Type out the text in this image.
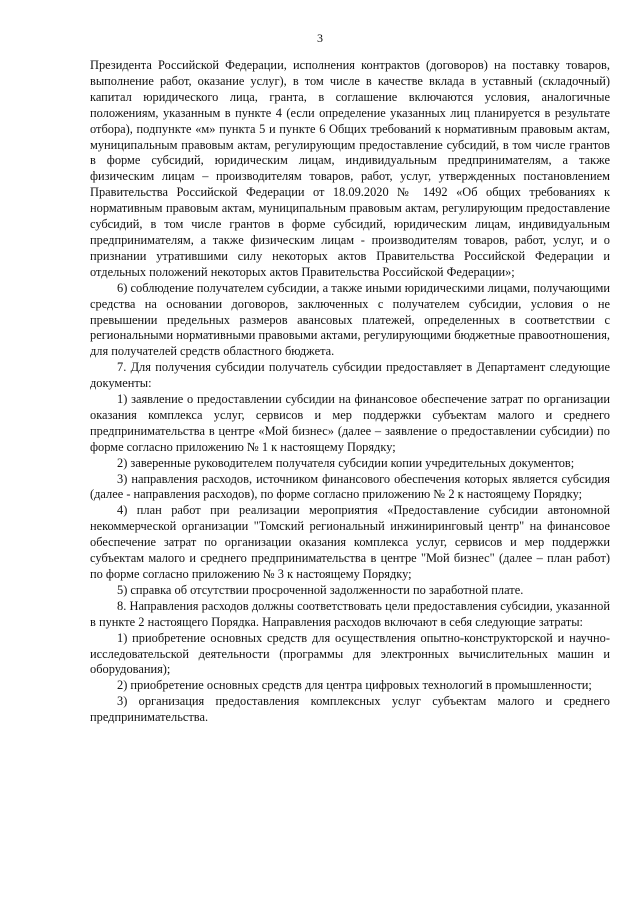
3

Президента Российской Федерации, исполнения контрактов (договоров) на поставку товаров, выполнение работ, оказание услуг), в том числе в качестве вклада в уставный (складочный) капитал юридического лица, гранта, в соглашение включаются условия, аналогичные положениям, указанным в пункте 4 (если определение указанных лиц планируется в результате отбора), подпункте «м» пункта 5 и пункте 6 Общих требований к нормативным правовым актам, муниципальным правовым актам, регулирующим предоставление субсидий, в том числе грантов в форме субсидий, юридическим лицам, индивидуальным предпринимателям, а также физическим лицам – производителям товаров, работ, услуг, утвержденных постановлением Правительства Российской Федерации от 18.09.2020 № 1492 «Об общих требованиях к нормативным правовым актам, муниципальным правовым актам, регулирующим предоставление субсидий, в том числе грантов в форме субсидий, юридическим лицам, индивидуальным предпринимателям, а также физическим лицам - производителям товаров, работ, услуг, и о признании утратившими силу некоторых актов Правительства Российской Федерации и отдельных положений некоторых актов Правительства Российской Федерации»;

6) соблюдение получателем субсидии, а также иными юридическими лицами, получающими средства на основании договоров, заключенных с получателем субсидии, условия о не превышении предельных размеров авансовых платежей, определенных в соответствии с региональными нормативными правовыми актами, регулирующими бюджетные правоотношения, для получателей средств областного бюджета.

7. Для получения субсидии получатель субсидии предоставляет в Департамент следующие документы:

1) заявление о предоставлении субсидии на финансовое обеспечение затрат по организации оказания комплекса услуг, сервисов и мер поддержки субъектам малого и среднего предпринимательства в центре «Мой бизнес» (далее – заявление о предоставлении субсидии) по форме согласно приложению № 1 к настоящему Порядку;

2) заверенные руководителем получателя субсидии копии учредительных документов;

3) направления расходов, источником финансового обеспечения которых является субсидия (далее - направления расходов), по форме согласно приложению № 2 к настоящему Порядку;

4) план работ при реализации мероприятия «Предоставление субсидии автономной некоммерческой организации "Томский региональный инжиниринговый центр" на финансовое обеспечение затрат по организации оказания комплекса услуг, сервисов и мер поддержки субъектам малого и среднего предпринимательства в центре "Мой бизнес" (далее – план работ) по форме согласно приложению № 3 к настоящему Порядку;

5) справка об отсутствии просроченной задолженности по заработной плате.

8. Направления расходов должны соответствовать цели предоставления субсидии, указанной в пункте 2 настоящего Порядка. Направления расходов включают в себя следующие затраты:

1) приобретение основных средств для осуществления опытно-конструкторской и научно-исследовательской деятельности (программы для электронных вычислительных машин и оборудования);

2) приобретение основных средств для центра цифровых технологий в промышленности;

3) организация предоставления комплексных услуг субъектам малого и среднего предпринимательства.
